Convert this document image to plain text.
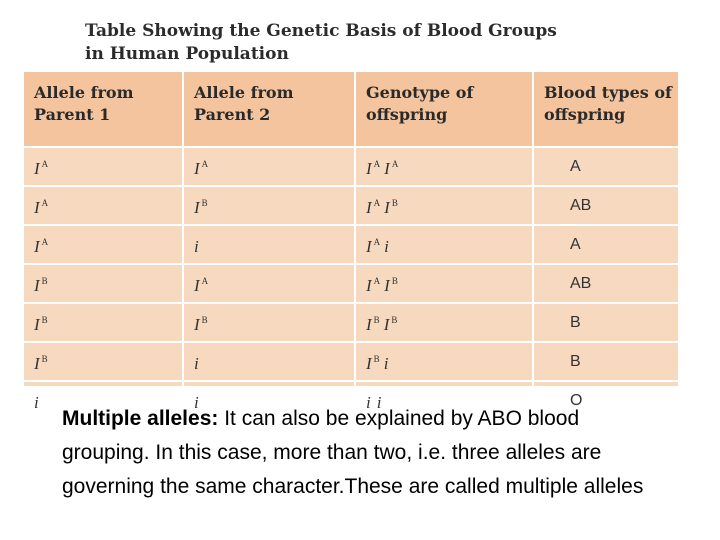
Table Showing the Genetic Basis of Blood Groups
in Human Population
Allele from Parent 1	Allele from Parent 2	Genotype of offspring	Blood types of offspring
I $^A$	I $^A$	I $^A$ I $^A$	A
I $^A$	I $^B$	I $^A$ I $^B$	AB
I $^A$	i	I $^A$ i	A
I $^B$	I $^A$	I $^A$ I $^B$	AB
I $^B$	I $^B$	I $^B$ I $^B$	B
I $^B$	i	I $^B$ i	B
i	i	i i	O
Multiple alleles: It can also be explained by ABO blood grouping. In this case, more than two, i.e. three alleles are governing the same character.These are called multiple alleles
